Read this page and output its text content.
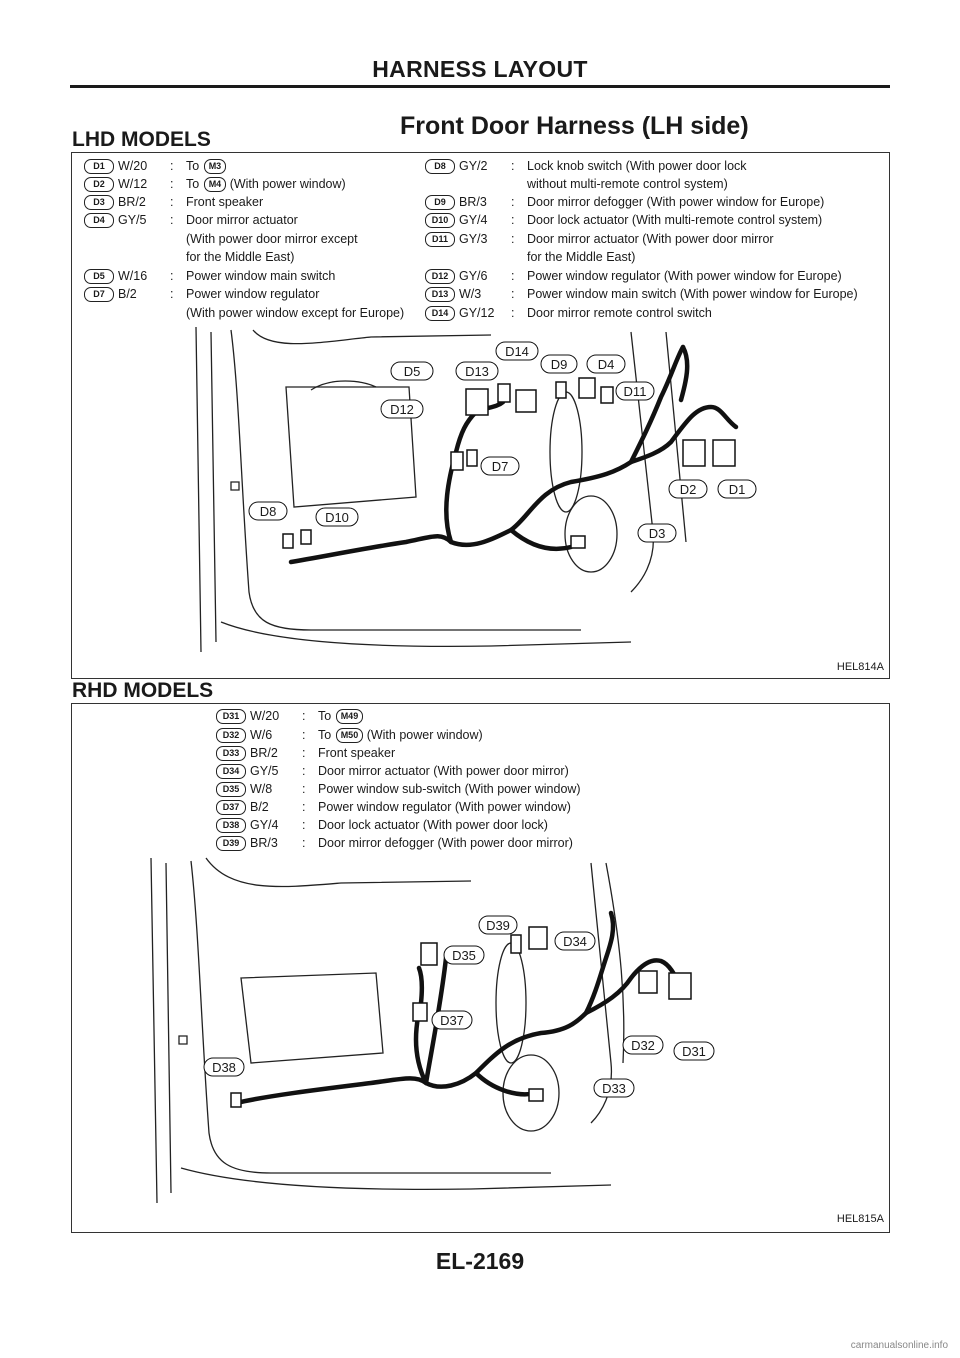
HARNESS LAYOUT
Front Door Harness (LH side)
LHD MODELS
D1	W/20 : To M3
D2	W/12 : To M4 (With power window)
D3	BR/2 : Front speaker
D4	GY/5 : Door mirror actuator
(With power door mirror except
for the Middle East)
D5	W/16 : Power window main switch
D7	B/2	: Power window regulator
(With power window except for Europe)
D8	GY/2 : Lock knob switch (With power door lock
without multi-remote control system)
D9	BR/3 : Door mirror defogger (With power window for Europe)
D10 GY/4 : Door lock actuator (With multi-remote control system)
D11 GY/3 : Door mirror actuator (With power door mirror
for the Middle East)
D12 GY/6 : Power window regulator (With power window for Europe)
D13 W/3 : Power window main switch (With power window for Europe)
D14 GY/12 : Door mirror remote control switch
D14
D5	D13	D9 D4
D11
D12
D7
D2 D1
D8	D10
D3
HEL814A
RHD MODELS
D31 W/20 : To M49
D32 W/6 : To M50 (With power window)
D33 BR/2 : Front speaker
D34 GY/5 : Door mirror actuator (With power door mirror)
D35 W/8 : Power window sub-switch (With power window)
D37 B/2	: Power window regulator (With power window)
D38 GY/4 : Door lock actuator (With power door lock)
D39 BR/3 : Door mirror defogger (With power door mirror)
D39
D34
D35
D37
D38
D32 D31
D33
HEL815A
EL-2169
carmanualsonline.info
